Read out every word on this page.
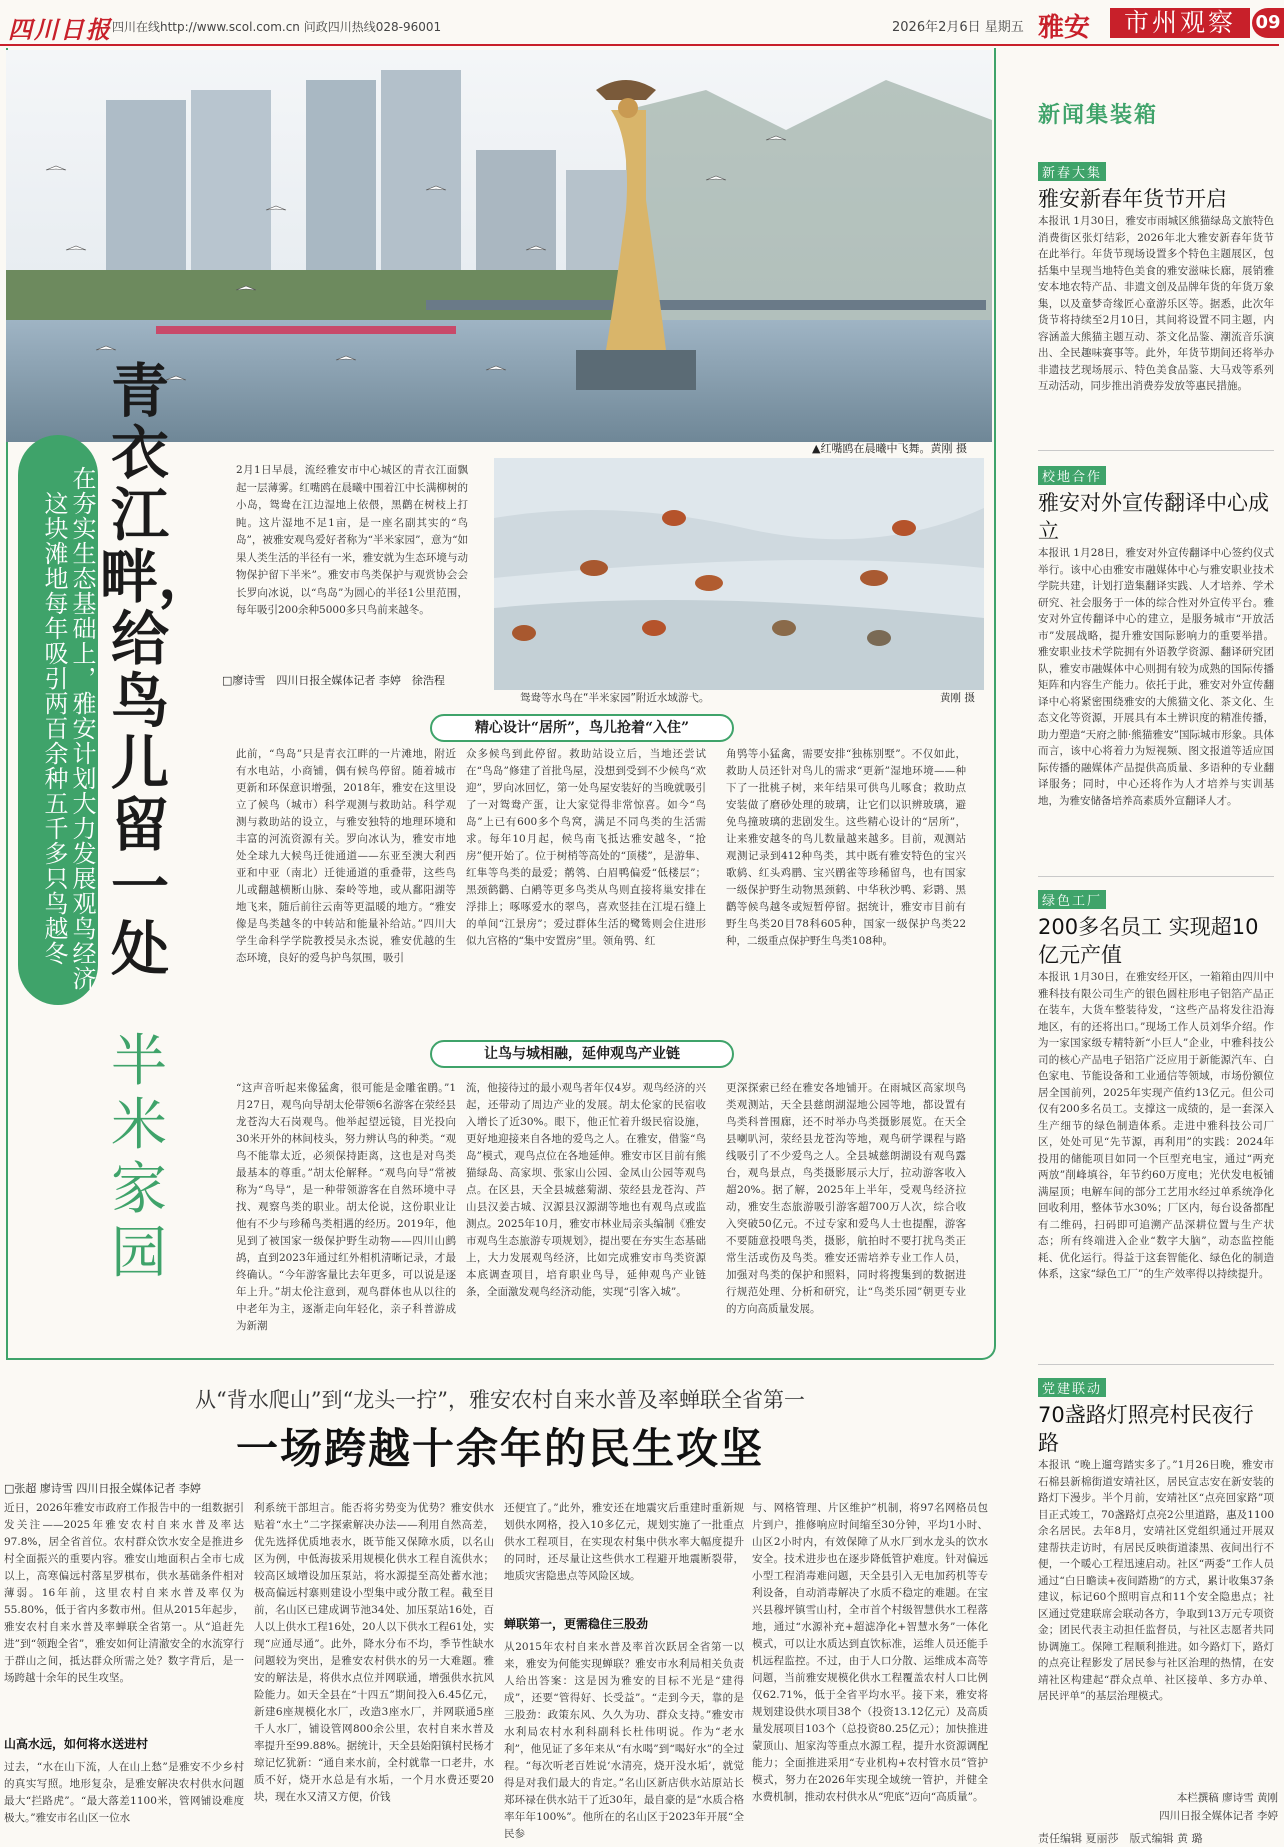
四川日报 四川在线http://www.scol.com.cn 问政四川热线028-96001	2026年2月6日 星期五 雅安	市州观察	09
▲红嘴鸥在晨曦中飞舞。黄刚 摄
鸳鸯等水鸟在“半米家园”附近水域游弋。	黄刚 摄
青衣江畔，给鸟儿留一处
半米家园
在夯实生态基础上，雅安计划大力发展观鸟经济　这块滩地每年吸引两百余种五千多只鸟越冬
2月1日早晨，流经雅安市中心城区的青衣江面飘起一层薄雾。红嘴鸥在晨曦中围着江中长满柳树的小岛，鸳鸯在江边湿地上依偎，黑鹳在树枝上打盹。这片湿地不足1亩，是一座名副其实的“鸟岛”，被雅安观鸟爱好者称为“半米家园”，意为“如果人类生活的半径有一米，雅安就为生态环境与动物保护留下半米”。雅安市鸟类保护与观赏协会会长罗向冰说，以“鸟岛”为圆心的半径1公里范围，每年吸引200余种5000多只鸟前来越冬。
□廖诗雪　四川日报全媒体记者 李婷　徐浩程
精心设计“居所”，鸟儿抢着“入住”
此前，“鸟岛”只是青衣江畔的一片滩地，附近有水电站，小商铺，偶有候鸟停留。随着城市更新和环保意识增强，2018年，雅安在这里设立了候鸟（城市）科学观测与救助站。科学观测与救助站的设立，与雅安独特的地理环境和丰富的河流资源有关。罗向冰认为，雅安市地处全球九大候鸟迁徙通道——东亚至澳大利西亚和中亚（南北）迁徙通道的重叠带，这些鸟儿或翻越横断山脉、秦岭等地，或从鄱阳湖等地飞来，随后前往云南等更温暖的地方。“雅安像是鸟类越冬的中转站和能量补给站。”四川大学生命科学学院教授吴永杰说，雅安优越的生态环境，良好的爱鸟护鸟氛围，吸引
众多候鸟到此停留。救助站设立后，当地还尝试在“鸟岛”修建了首批鸟屋，没想到受到不少候鸟“欢迎”，罗向冰回忆，第一处鸟屋安装好的当晚就吸引了一对鸳鸯产蛋，让大家觉得非常惊喜。如今“鸟岛”上已有600多个鸟窝，满足不同鸟类的生活需求。每年10月起，候鸟南飞抵达雅安越冬，“抢房”便开始了。位于树梢等高处的“顶楼”，是游隼、红隼等鸟类的最爱；鹡鸰、白眉鸭偏爱“低楼层”；黑颈鹤鹳、白鹇等更多鸟类从鸟则直接将巢安排在浮排上；啄啄爱水的翠鸟，喜欢竖挂在江堤石缝上的单间“江景房”；爱过群体生活的鹭鸶则会住进形似九宫格的“集中安置房”里。领角鸮、红
角鸮等小猛禽，需要安排“独栋别墅”。不仅如此，救助人员还针对鸟儿的需求“更新”湿地环境——种下了一批桃子树，来年结果可供鸟儿啄食；救助点安装做了磨砂处理的玻璃，让它们以识辨玻璃，避免鸟撞玻璃的悲剧发生。这些精心设计的“居所”，让来雅安越冬的鸟儿数量越来越多。目前，观测站观测记录到412种鸟类，其中既有雅安特色的宝兴歌鸫、红头鸡鹛、宝兴鹛雀等珍稀留鸟，也有国家一级保护野生动物黑颈鹤、中华秋沙鸭、彩鹮、黑鹳等候鸟越冬或短暂停留。据统计，雅安市目前有野生鸟类20目78科605种，国家一级保护鸟类22种，二级重点保护野生鸟类108种。
让鸟与城相融，延伸观鸟产业链
“这声音听起来像猛禽，很可能是金雕雀鹛。”1月27日，观鸟向导胡太伦带领6名游客在荥经县龙苍沟大石岗观鸟。他举起望远镜，目光投向30米开外的林间枝头，努力辨认鸟的种类。“观鸟不能靠太近，必须保持距离，这也是对鸟类最基本的尊重。”胡太伦解释。“观鸟向导”常被称为“鸟导”，是一种带领游客在自然环境中寻找、观察鸟类的职业。胡太伦说，这份职业让他有不少与珍稀鸟类相遇的经历。2019年，他见到了被国家一级保护野生动物——四川山鹧鸪，直到2023年通过红外相机清晰记录，才最终确认。“今年游客量比去年更多，可以说是逐年上升。”胡太伦注意到，观鸟群体也从以往的中老年为主，逐渐走向年轻化，亲子科普游成为新潮
流，他接待过的最小观鸟者年仅4岁。观鸟经济的兴起，还带动了周边产业的发展。胡太伦家的民宿收入增长了近30%。眼下，他正忙着升级民宿设施，更好地迎接来自各地的爱鸟之人。在雅安，借鉴“鸟岛”模式，观鸟点位在各地延伸。雅安市区目前有熊猫绿岛、高家坝、张家山公园、金凤山公园等观鸟点。在区县，天全县城慈菊湖、荥经县龙苍沟、芦山县汉姜古城、汉源县汉源湖等地也有观鸟点或监测点。2025年10月，雅安市林业局亲头编制《雅安市观鸟生态旅游专项规划》，提出要在夯实生态基础上，大力发展观鸟经济，比如完成雅安市鸟类资源本底调查项目，培育职业鸟导，延伸观鸟产业链条，全面激发观鸟经济动能，实现“引客入城”。
更深探索已经在雅安各地铺开。在雨城区高家坝鸟类观测站，天全县慈朗湖湿地公园等地，都设置有鸟类科普围廊，还不时举办鸟类摄影展览。在天全县喇叭河，荥经县龙苍沟等地，观鸟研学课程与路线吸引了不少爱鸟之人。全县城慈朗湖设有观鸟露台，观鸟景点，鸟类摄影展示大厅，拉动游客收入超20%。据了解，2025年上半年，受观鸟经济拉动，雅安生态旅游吸引游客超700万人次，综合收入突破50亿元。不过专家和爱鸟人士也提醒，游客不要随意投喂鸟类，摄影，航拍时不要打扰鸟类正常生活或伤及鸟类。雅安还需培养专业工作人员，加强对鸟类的保护和照料，同时将搜集到的数据进行规范处理、分析和研究，让“鸟类乐园”朝更专业的方向高质量发展。
新闻集装箱
新春大集
雅安新春年货节开启
本报讯 1月30日，雅安市雨城区熊猫绿岛文旅特色消费街区张灯结彩，2026年北大雅安新春年货节在此举行。年货节现场设置多个特色主题展区，包括集中呈现当地特色美食的雅安滋味长廊，展销雅安本地农特产品、非遗文创及品牌年货的年货万象集，以及童梦奇缘匠心童游乐区等。据悉，此次年货节将持续至2月10日，其间将设置不同主题，内容涵盖大熊猫主题互动、茶文化品鉴、潮流音乐演出、全民趣味赛事等。此外，年货节期间还将举办非遗技艺现场展示、特色美食品鉴、大马戏等系列互动活动，同步推出消费券发放等惠民措施。
校地合作
雅安对外宣传翻译中心成立
本报讯 1月28日，雅安对外宣传翻译中心签约仪式举行。该中心由雅安市融媒体中心与雅安职业技术学院共建，计划打造集翻译实践、人才培养、学术研究、社会服务于一体的综合性对外宣传平台。雅安对外宣传翻译中心的建立，是服务城市“开放活市”发展战略，提升雅安国际影响力的重要举措。雅安职业技术学院拥有外语教学资源、翻译研究团队，雅安市融媒体中心则拥有较为成熟的国际传播矩阵和内容生产能力。依托于此，雅安对外宣传翻译中心将紧密围绕雅安的大熊猫文化、茶文化、生态文化等资源，开展具有本土辨识度的精准传播，助力塑造“天府之肺·熊猫雅安”国际城市形象。具体而言，该中心将着力为短视频、图文报道等适应国际传播的融媒体产品提供高质量、多语种的专业翻译服务；同时，中心还将作为人才培养与实训基地，为雅安储备培养高素质外宣翻译人才。
绿色工厂
200多名员工 实现超10亿元产值
本报讯 1月30日，在雅安经开区，一箱箱由四川中雅科技有限公司生产的银色圆柱形电子铝箔产品正在装车，大货车整装待发，“这些产品将发往沿海地区，有的还将出口。”现场工作人员刘华介绍。作为一家国家级专精特新“小巨人”企业，中雅科技公司的核心产品电子铝箔广泛应用于新能源汽车、白色家电、节能设备和工业通信等领域，市场份额位居全国前列，2025年实现产值约13亿元。但公司仅有200多名员工。支撑这一成绩的，是一套深入生产细节的绿色制造体系。走进中雅科技公司厂区，处处可见“先节源，再利用”的实践：2024年投用的储能项目如同一个巨型充电宝，通过“两充两放”削峰填谷，年节约60万度电；光伏发电板铺满屋顶；电解车间的部分工艺用水经过单系统净化回收利用，整体节水30%；厂区内，每台设备都配有二维码，扫码即可追溯产品深耕位置与生产状态；所有终端进入企业“数字大脑”，动态监控能耗、优化运行。得益于这套智能化、绿色化的制造体系，这家“绿色工厂”的生产效率得以持续提升。
党建联动
70盏路灯照亮村民夜行路
本报讯 “晚上遛弯踏实多了。”1月26日晚，雅安市石棉县新棉街道安靖社区，居民宣志安在新安装的路灯下漫步。半个月前，安靖社区“点亮回家路”项目正式竣工，70盏路灯点亮2公里道路，惠及1100余名居民。去年8月，安靖社区党组织通过开展双建帮扶走访时，有居民反映街道漆黑、夜间出行不便，一个暖心工程迅速启动。社区“两委”工作人员通过“白日瞻读+夜间踏勘”的方式，累计收集37条建议，标记60个照明盲点和11个安全隐患点；社区通过党建联席会联动各方，争取到13万元专项资金；团民代表主动担任监督员，与社区志愿者共同协调施工。保障工程顺利推进。如今路灯下，路灯的点亮让程影发了居民参与社区治理的热情，在安靖社区构建起“群众点单、社区接单、多方办单、居民评单”的基层治理模式。
本栏撰稿 廖诗雪 黄刚
四川日报全媒体记者 李婷
从“背水爬山”到“龙头一拧”，雅安农村自来水普及率蝉联全省第一
一场跨越十余年的民生攻坚
□张超 廖诗雪 四川日报全媒体记者 李婷
近日，2026年雅安市政府工作报告中的一组数据引发关注——2025年雅安农村自来水普及率达97.8%，居全省首位。农村群众饮水安全是推进乡村全面振兴的重要内容。雅安山地面积占全市七成以上，高寒偏远村落星罗棋布，供水基础条件相对薄弱。16年前，这里农村自来水普及率仅为55.80%，低于省内多数市州。但从2015年起步，雅安农村自来水普及率蝉联全省第一。从“追赶先进”到“领跑全省”，雅安如何让清澈安全的水流穿行于群山之间，抵达群众所需之处？数字背后，是一场跨越十余年的民生攻坚。
山高水远，如何将水送进村
过去，“水在山下流，人在山上愁”是雅安不少乡村的真实写照。地形复杂，是雅安解决农村供水问题最大“拦路虎”。“最大落差1100米，管网铺设难度极大。”雅安市名山区一位水
利系统干部坦言。能否将劣势变为优势？雅安供水贴着“水土”二字探索解决办法——利用自然高差，优先选择优质地表水，既节能又保障水质，以名山区为例，中低海拔采用规模化供水工程自流供水；较高区域增设加压泵站，将水源提至高处蓄水池；极高偏远村寨则建设小型集中或分散工程。截至目前，名山区已建成调节池34处、加压泵站16处，百人以上供水工程16处，20人以下供水工程61处，实现“应通尽通”。此外，降水分布不均，季节性缺水问题较为突出，是雅安农村供水的另一大难题。雅安的解法是，将供水点位并网联通，增强供水抗风险能力。如天全县在“十四五”期间投入6.45亿元，新建6座规模化水厂，改造3座水厂，并网联通5座千人水厂，铺设管网800余公里，农村自来水普及率提升至99.88%。据统计，天全县始阳镇村民杨才琼记忆犹新：“通自来水前，全村就靠一口老井，水质不好，烧开水总是有水垢，一个月水费还要20块，现在水又清又方便，价钱
还便宜了。”此外，雅安还在地震灾后重建时重新规划供水网格，投入10多亿元，规划实施了一批重点供水工程项目，在实现农村集中供水率大幅度提升的同时，还尽量让这些供水工程避开地震断裂带，地质灾害隐患点等风险区域。
蝉联第一，更需稳住三股劲
从2015年农村自来水普及率首次跃居全省第一以来，雅安为何能实现蝉联？雅安市水利局相关负责人给出答案：这是因为雅安的目标不光是“建得成”，还要“管得好、长受益”。“走到今天，靠的是三股劲：政策东风、久久为功、群众支持。”雅安市水利局农村水利科副科长杜伟明说。作为“老水利”，他见证了多年来从“有水喝”到“喝好水”的全过程。“每次听老百姓说‘水清亮，烧开没水垢’，就觉得是对我们最大的肯定。”名山区新店供水站原站长郑环禄在供水站干了近30年，最自豪的是“水质合格率年年100%”。他所在的名山区于2023年开展“全民参
与、网格管理、片区维护”机制，将97名网格员包片到户，推修响应时间缩至30分钟，平均1小时、山区2小时内，有效保障了从水厂到水龙头的饮水安全。技术进步也在逐步降低管护难度。针对偏远小型工程消毒难问题，天全县引入无电加药机等专利设备，自动消毒解决了水质不稳定的难题。在宝兴县穆坪镇雪山村，全市首个村级智慧供水工程落地，通过“水源补充+超滤净化+智慧水务”一体化模式，可以让水质达到直饮标准，运维人员还能手机远程监控。不过，由于人口分散、运维成本高等问题，当前雅安规模化供水工程覆盖农村人口比例仅62.71%，低于全省平均水平。接下来，雅安将规划建设供水项目38个（投资13.12亿元）及高质量发展项目103个（总投资80.25亿元）；加快推进蒙顶山、旭家沟等重点水源工程，提升水资源调配能力；全面推进采用“专业机构+农村管水员”管护模式，努力在2026年实现全域统一管护，并健全水费机制，推动农村供水从“兜底”迈向“高质量”。
责任编辑 夏丽莎　版式编辑 黄 璐
